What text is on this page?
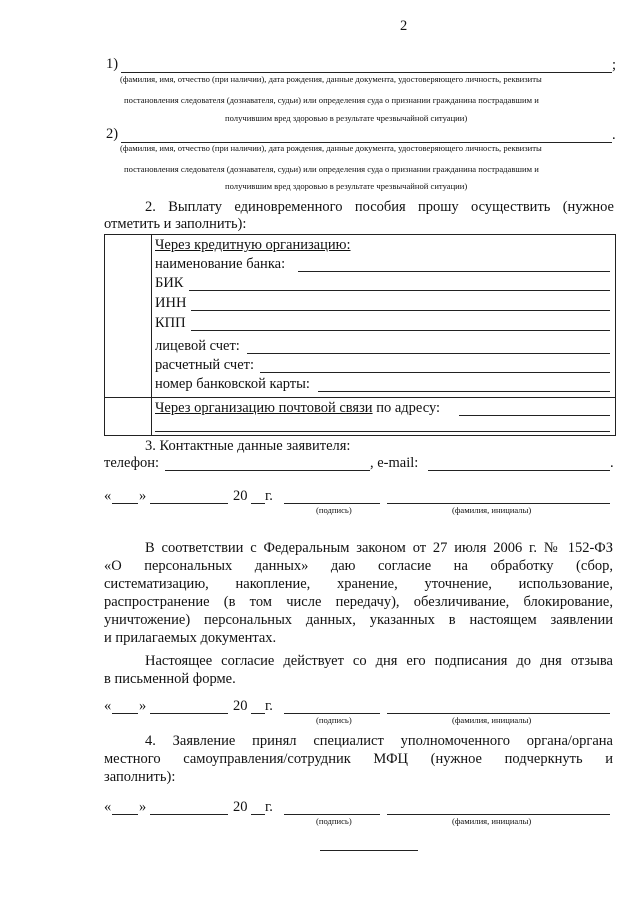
2
1)	;
(фамилия, имя, отчество (при наличии), дата рождения, данные документа, удостоверяющего личность, реквизиты
постановления следователя (дознавателя, судьи) или определения суда о признании гражданина пострадавшим и
получившим вред здоровью в результате чрезвычайной ситуации)
2)	.
(фамилия, имя, отчество (при наличии), дата рождения, данные документа, удостоверяющего личность, реквизиты
постановления следователя (дознавателя, судьи) или определения суда о признании гражданина пострадавшим и
получившим вред здоровью в результате чрезвычайной ситуации)
2. Выплату единовременного пособия прошу осуществить (нужное
отметить и заполнить):
Через кредитную организацию:
наименование банка:
БИК
ИНН
КПП
лицевой счет:
расчетный счет:
номер банковской карты:
Через организацию почтовой связи по адресу:
3. Контактные данные заявителя:
телефон:	, e-mail:	.
« »	20 г.
(подпись)	(фамилия, инициалы)
В соответствии с Федеральным законом от 27 июля 2006 г. № 152-ФЗ
«О персональных данных» даю согласие на обработку (сбор,
систематизацию, накопление, хранение, уточнение, использование,
распространение (в том числе передачу), обезличивание, блокирование,
уничтожение) персональных данных, указанных в настоящем заявлении
и прилагаемых документах.
Настоящее согласие действует со дня его подписания до дня отзыва
в письменной форме.
« »	20 г.
(подпись)	(фамилия, инициалы)
4. Заявление принял специалист уполномоченного органа/органа
местного самоуправления/сотрудник МФЦ (нужное подчеркнуть и
заполнить):
« »	20 г.
(подпись)	(фамилия, инициалы)
